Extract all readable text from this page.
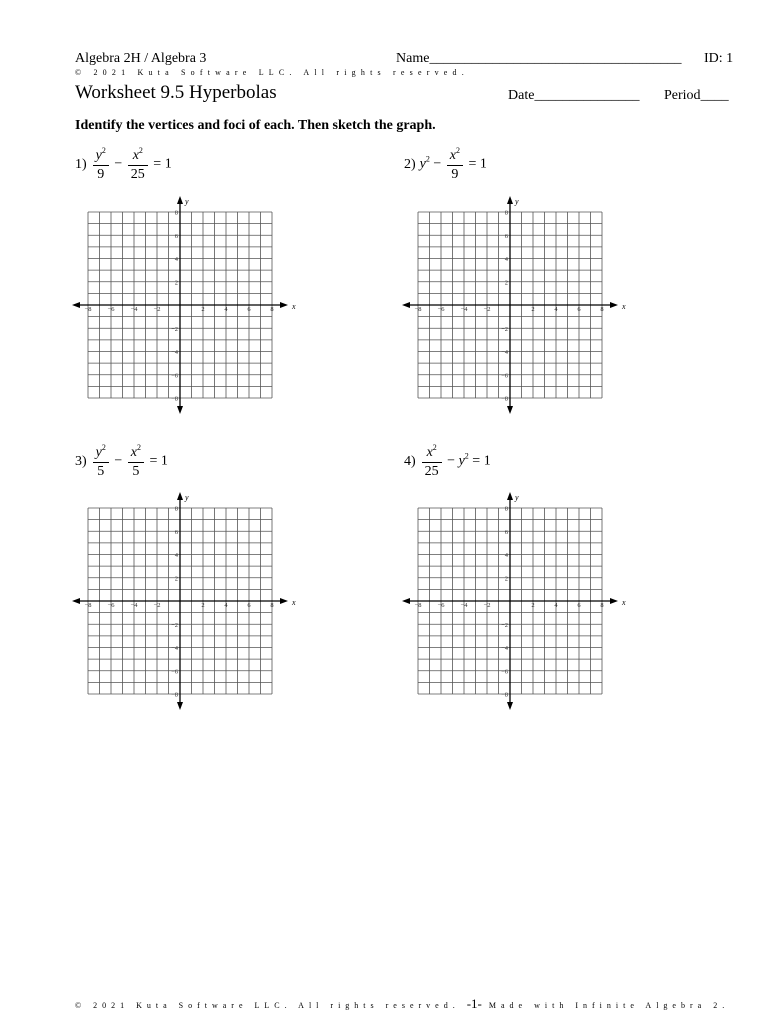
Algebra 2H / Algebra 3	Name____________________________________ ID: 1
© 2021 Kuta Software LLC. All rights reserved.
Worksheet 9.5 Hyperbolas	Date_______________ Period____
Identify the vertices and foci of each. Then sketch the graph.
$1) \frac{y^2}{9} - \frac{x^2}{25} = 1$	2) $y^2 - \frac{x^2}{9} = 1$
$3) \frac{y^2}{5} - \frac{x^2}{5} = 1$	$4) \frac{x^2}{25} - y^2 = 1$
x
y
−8 −6 −4 −2	2	4	6	8
8
6
4
2
−2
−4
−6
−8
x
y
−8 −6 −4 −2	2	4	6	8
8
6
4
2
−2
−4
−6
−8
x
y
−8 −6 −4 −2	2	4	6	8
8
6
4
2
−2
−4
−6
−8
x
y
−8 −6 −4 −2	2	4	6	8
8
6
4
2
−2
−4
−6
−8
© 2021 Kuta Software LLC. All rights reserved. -1- Made with Infinite Algebra 2.
